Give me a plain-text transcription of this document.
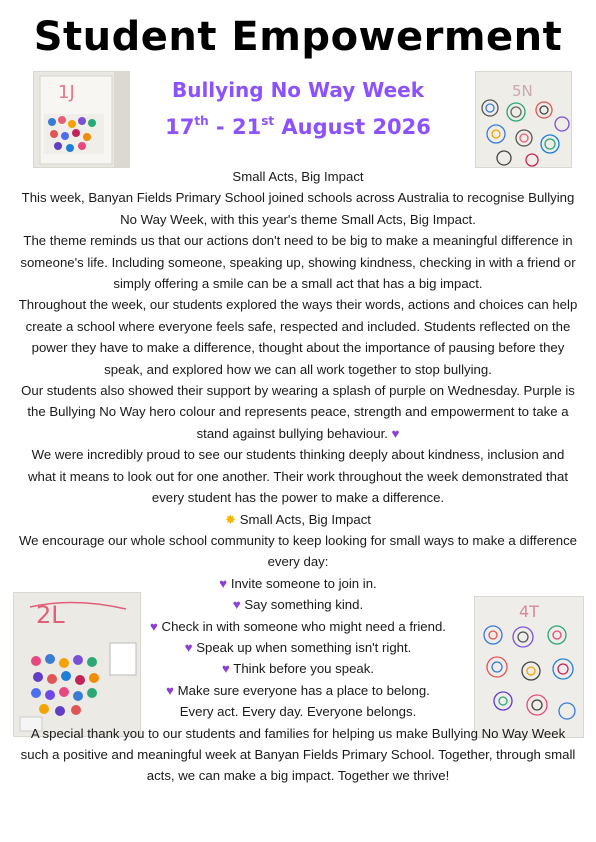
Student Empowerment
Bullying No Way Week
17th - 21st August 2026
1J	5N
2L	4T

Small Acts, Big Impact

This week, Banyan Fields Primary School joined schools across Australia to recognise Bullying No Way Week, with this year's theme Small Acts, Big Impact.

The theme reminds us that our actions don't need to be big to make a meaningful difference in someone's life. Including someone, speaking up, showing kindness, checking in with a friend or simply offering a smile can be a small act that has a big impact.

Throughout the week, our students explored the ways their words, actions and choices can help create a school where everyone feels safe, respected and included. Students reflected on the power they have to make a difference, thought about the importance of pausing before they speak, and explored how we can all work together to stop bullying.

Our students also showed their support by wearing a splash of purple on Wednesday. Purple is the Bullying No Way hero colour and represents peace, strength and empowerment to take a stand against bullying behaviour. ♥

We were incredibly proud to see our students thinking deeply about kindness, inclusion and what it means to look out for one another. Their work throughout the week demonstrated that every student has the power to make a difference.

✸ Small Acts, Big Impact

We encourage our whole school community to keep looking for small ways to make a difference every day:

♥ Invite someone to join in.

♥ Say something kind.

♥ Check in with someone who might need a friend.

♥ Speak up when something isn't right.

♥ Think before you speak.

♥ Make sure everyone has a place to belong.

Every act. Every day. Everyone belongs.

A special thank you to our students and families for helping us make Bullying No Way Week such a positive and meaningful week at Banyan Fields Primary School. Together, through small acts, we can make a big impact. Together we thrive!
